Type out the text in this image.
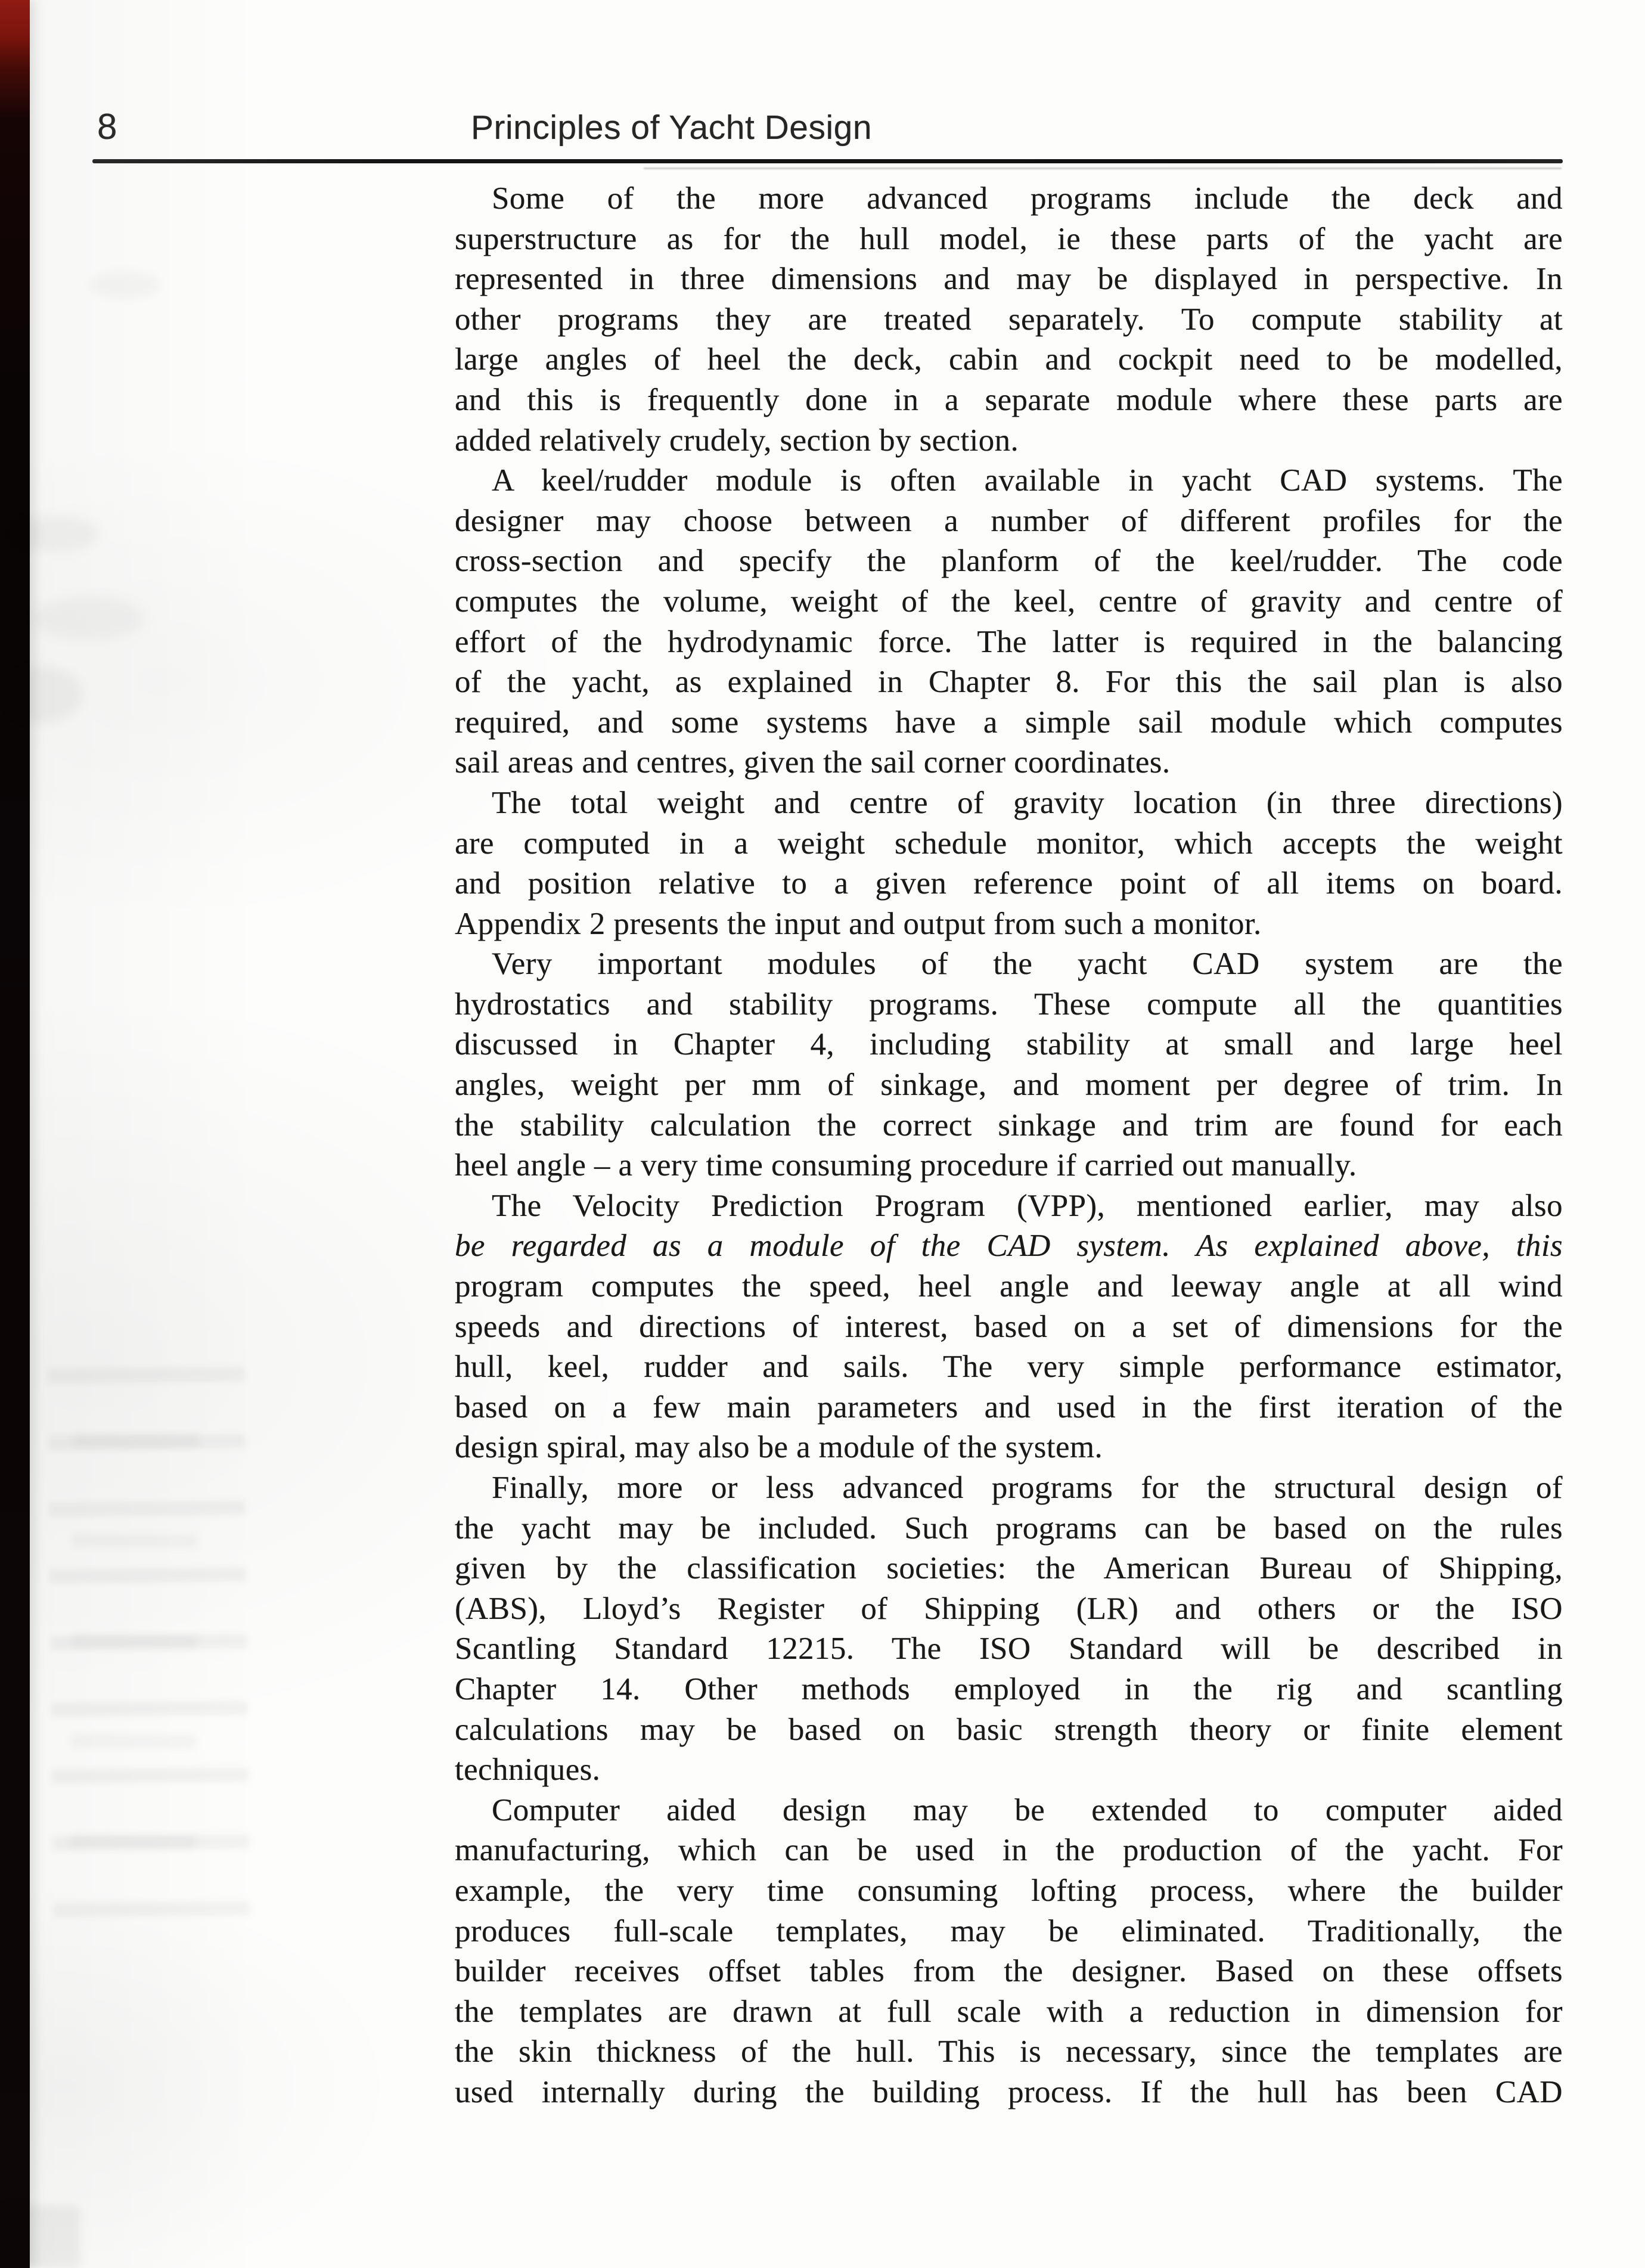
8	Principles of Yacht Design
Some of the more advanced programs include the deck and
superstructure as for the hull model, ie these parts of the yacht are
represented in three dimensions and may be displayed in perspective. In
other programs they are treated separately. To compute stability at
large angles of heel the deck, cabin and cockpit need to be modelled,
and this is frequently done in a separate module where these parts are
added relatively crudely, section by section.
A keel/rudder module is often available in yacht CAD systems. The
designer may choose between a number of different profiles for the
cross-section and specify the planform of the keel/rudder. The code
computes the volume, weight of the keel, centre of gravity and centre of
effort of the hydrodynamic force. The latter is required in the balancing
of the yacht, as explained in Chapter 8. For this the sail plan is also
required, and some systems have a simple sail module which computes
sail areas and centres, given the sail corner coordinates.
The total weight and centre of gravity location (in three directions)
are computed in a weight schedule monitor, which accepts the weight
and position relative to a given reference point of all items on board.
Appendix 2 presents the input and output from such a monitor.
Very important modules of the yacht CAD system are the
hydrostatics and stability programs. These compute all the quantities
discussed in Chapter 4, including stability at small and large heel
angles, weight per mm of sinkage, and moment per degree of trim. In
the stability calculation the correct sinkage and trim are found for each
heel angle – a very time consuming procedure if carried out manually.
The Velocity Prediction Program (VPP), mentioned earlier, may also
be regarded as a module of the CAD system. As explained above, this
program computes the speed, heel angle and leeway angle at all wind
speeds and directions of interest, based on a set of dimensions for the
hull, keel, rudder and sails. The very simple performance estimator,
based on a few main parameters and used in the first iteration of the
design spiral, may also be a module of the system.
Finally, more or less advanced programs for the structural design of
the yacht may be included. Such programs can be based on the rules
given by the classification societies: the American Bureau of Shipping,
(ABS), Lloyd’s Register of Shipping (LR) and others or the ISO
Scantling Standard 12215. The ISO Standard will be described in
Chapter 14. Other methods employed in the rig and scantling
calculations may be based on basic strength theory or finite element
techniques.
Computer aided design may be extended to computer aided
manufacturing, which can be used in the production of the yacht. For
example, the very time consuming lofting process, where the builder
produces full-scale templates, may be eliminated. Traditionally, the
builder receives offset tables from the designer. Based on these offsets
the templates are drawn at full scale with a reduction in dimension for
the skin thickness of the hull. This is necessary, since the templates are
used internally during the building process. If the hull has been CAD
